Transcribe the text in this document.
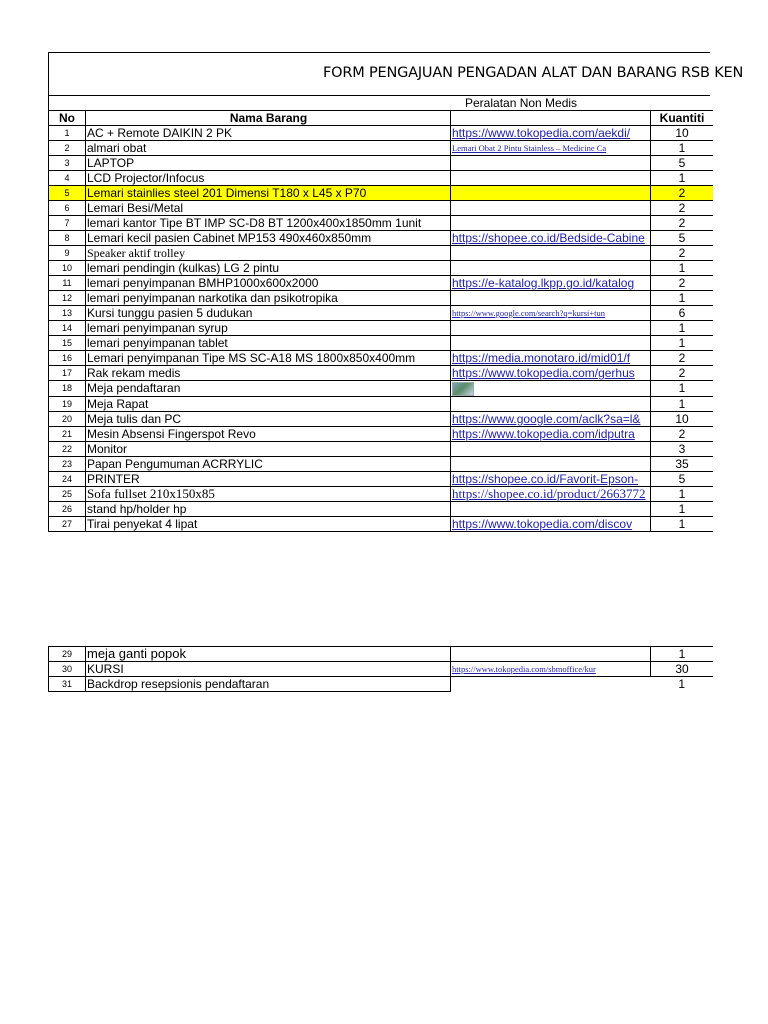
FORM PENGAJUAN PENGADAN ALAT DAN BARANG RSB KEN
Peralatan Non Medis
No	Nama Barang		Kuantiti
1	AC + Remote DAIKIN 2 PK	https://www.tokopedia.com/aekdi/	10
2	almari obat	Lemari Obat 2 Pintu Stainless – Medicine Ca	1
3	LAPTOP		5
4	LCD Projector/Infocus		1
5	Lemari stainlies steel 201 Dimensi T180 x L45 x P70		2
6	Lemari Besi/Metal		2
7	lemari kantor Tipe BT IMP SC-D8 BT 1200x400x1850mm 1unit		2
8	Lemari kecil pasien Cabinet MP153 490x460x850mm	https://shopee.co.id/Bedside-Cabine	5
9	Speaker aktif trolley		2
10	lemari pendingin (kulkas) LG 2 pintu		1
11	lemari penyimpanan BMHP1000x600x2000	https://e-katalog.lkpp.go.id/katalog	2
12	lemari penyimpanan narkotika dan psikotropika		1
13	Kursi tunggu pasien 5 dudukan	https://www.google.com/search?q=kursi+tun	6
14	lemari penyimpanan syrup		1
15	lemari penyimpanan tablet		1
16	Lemari penyimpanan Tipe MS SC-A18 MS 1800x850x400mm	https://media.monotaro.id/mid01/f	2
17	Rak rekam medis	https://www.tokopedia.com/gerhus	2
18	Meja pendaftaran		1
19	Meja Rapat		1
20	Meja tulis dan PC	https://www.google.com/aclk?sa=l&	10
21	Mesin Absensi Fingerspot Revo	https://www.tokopedia.com/idputra	2
22	Monitor		3
23	Papan Pengumuman ACRRYLIC		35
24	PRINTER	https://shopee.co.id/Favorit-Epson-	5
25	Sofa fullset 210x150x85	https://shopee.co.id/product/2663772	1
26	stand hp/holder hp		1
27	Tirai penyekat 4 lipat	https://www.tokopedia.com/discov	1
29	meja ganti popok		1
30	KURSI	https://www.tokopedia.com/sbmoffice/kur	30
31	Backdrop resepsionis pendaftaran		1
